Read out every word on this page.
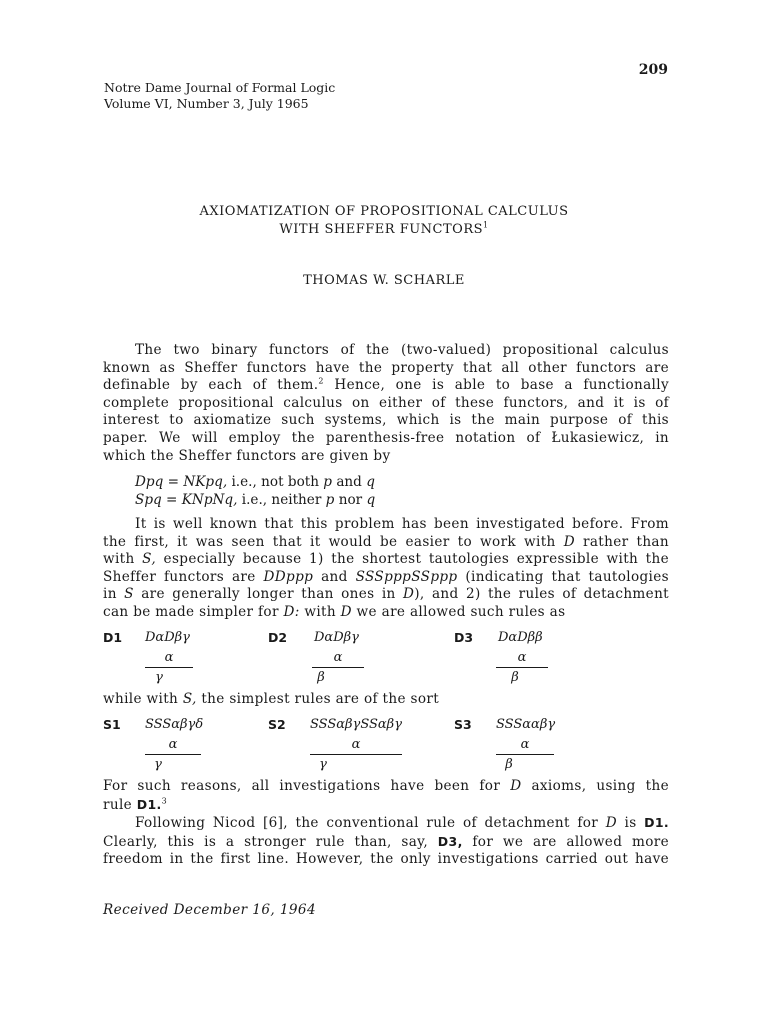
209
Notre Dame Journal of Formal Logic
Volume VI, Number 3, July 1965
AXIOMATIZATION OF PROPOSITIONAL CALCULUS
WITH SHEFFER FUNCTORS$^1$
THOMAS W. SCHARLE
The two binary functors of the (two-valued) propositional calculus
known as Sheffer functors have the property that all other functors are
definable by each of them.$^2$ Hence, one is able to base a functionally
complete propositional calculus on either of these functors, and it is of
interest to axiomatize such systems, which is the main purpose of this
paper. We will employ the parenthesis-free notation of Łukasiewicz, in
which the Sheffer functors are given by
Dpq = NKpq, i.e., not both p and q
Spq = KNpNq, i.e., neither p nor q
It is well known that this problem has been investigated before. From
the first, it was seen that it would be easier to work with D rather than
with S, especially because 1) the shortest tautologies expressible with the
Sheffer functors are DDppp and SSSpppSSppp (indicating that tautologies
in S are generally longer than ones in D), and 2) the rules of detachment
can be made simpler for D: with D we are allowed such rules as
D1 DαDβγ
α
γ
D2 DαDβγ
α
β
D3 DαDββ
α
β
while with S, the simplest rules are of the sort
S1 SSSαβγδ
α
γ
S2 SSSαβγSSαβγ
α
γ
S3 SSSααβγ
α
β
For such reasons, all investigations have been for D axioms, using the
rule D1.$^3$
Following Nicod [6], the conventional rule of detachment for D is D1.
Clearly, this is a stronger rule than, say, D3, for we are allowed more
freedom in the first line. However, the only investigations carried out have
Received December 16, 1964
